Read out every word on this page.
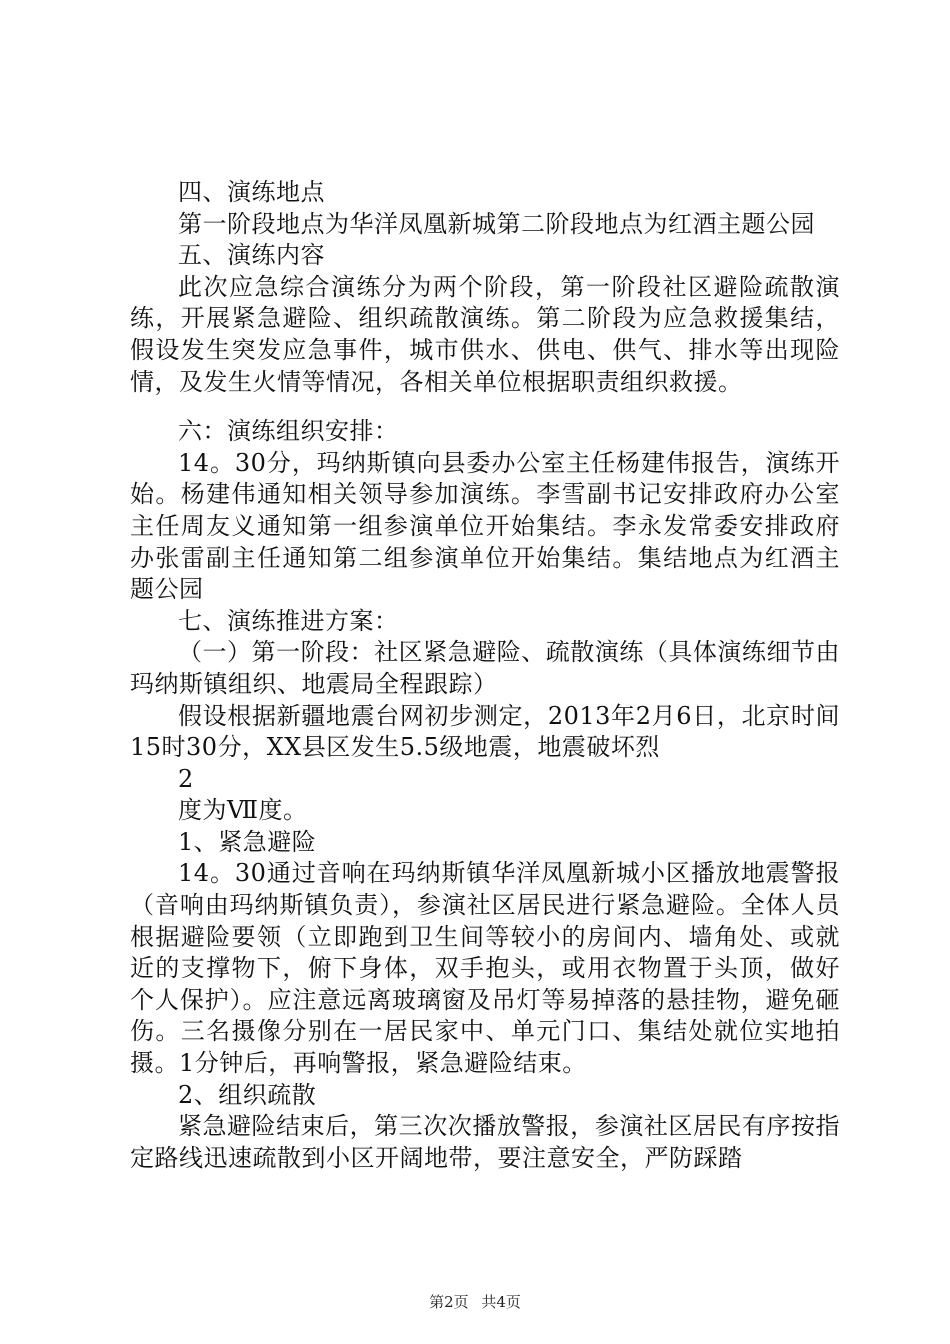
四、演练地点

第一阶段地点为华洋凤凰新城第二阶段地点为红酒主题公园

五、演练内容

此次应急综合演练分为两个阶段，第一阶段社区避险疏散演练，开展紧急避险、组织疏散演练。第二阶段为应急救援集结，假设发生突发应急事件，城市供水、供电、供气、排水等出现险情，及发生火情等情况，各相关单位根据职责组织救援。

六：演练组织安排：

14。30分，玛纳斯镇向县委办公室主任杨建伟报告，演练开始。杨建伟通知相关领导参加演练。李雪副书记安排政府办公室主任周友义通知第一组参演单位开始集结。李永发常委安排政府办张雷副主任通知第二组参演单位开始集结。集结地点为红酒主题公园

七、演练推进方案：

（一）第一阶段：社区紧急避险、疏散演练（具体演练细节由玛纳斯镇组织、地震局全程跟踪）

假设根据新疆地震台网初步测定，2013年2月6日，北京时间15时30分，XX县区发生5.5级地震，地震破坏烈

2

度为Ⅶ度。

1、紧急避险

14。30通过音响在玛纳斯镇华洋凤凰新城小区播放地震警报（音响由玛纳斯镇负责），参演社区居民进行紧急避险。全体人员根据避险要领（立即跑到卫生间等较小的房间内、墙角处、或就近的支撑物下，俯下身体，双手抱头，或用衣物置于头顶，做好个人保护）。应注意远离玻璃窗及吊灯等易掉落的悬挂物，避免砸伤。三名摄像分别在一居民家中、单元门口、集结处就位实地拍摄。1分钟后，再响警报，紧急避险结束。

2、组织疏散

紧急避险结束后，第三次次播放警报，参演社区居民有序按指定路线迅速疏散到小区开阔地带，要注意安全，严防踩踏

第2页 共4页
